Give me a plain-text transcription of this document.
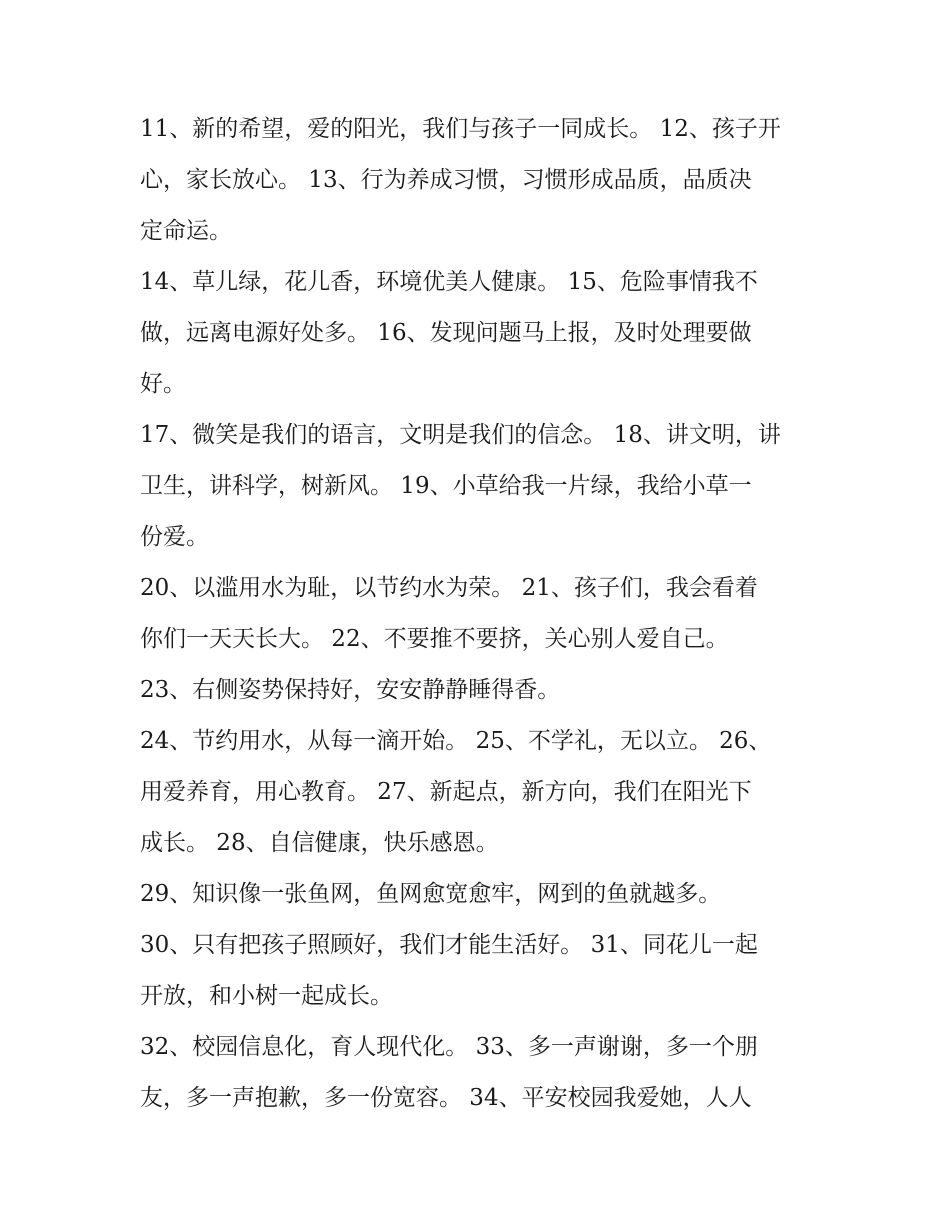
11、新的希望，爱的阳光，我们与孩子一同成长。 12、孩子开
心，家长放心。 13、行为养成习惯，习惯形成品质，品质决
定命运。
14、草儿绿，花儿香，环境优美人健康。 15、危险事情我不
做，远离电源好处多。 16、发现问题马上报，及时处理要做
好。
17、微笑是我们的语言，文明是我们的信念。 18、讲文明，讲
卫生，讲科学，树新风。 19、小草给我一片绿，我给小草一
份爱。
20、以滥用水为耻，以节约水为荣。 21、孩子们，我会看着
你们一天天长大。 22、不要推不要挤，关心别人爱自己。
23、右侧姿势保持好，安安静静睡得香。
24、节约用水，从每一滴开始。 25、不学礼，无以立。 26、
用爱养育，用心教育。 27、新起点，新方向，我们在阳光下
成长。 28、自信健康，快乐感恩。
29、知识像一张鱼网，鱼网愈宽愈牢，网到的鱼就越多。
30、只有把孩子照顾好，我们才能生活好。 31、同花儿一起
开放，和小树一起成长。
32、校园信息化，育人现代化。 33、多一声谢谢，多一个朋
友，多一声抱歉，多一份宽容。 34、平安校园我爱她，人人
